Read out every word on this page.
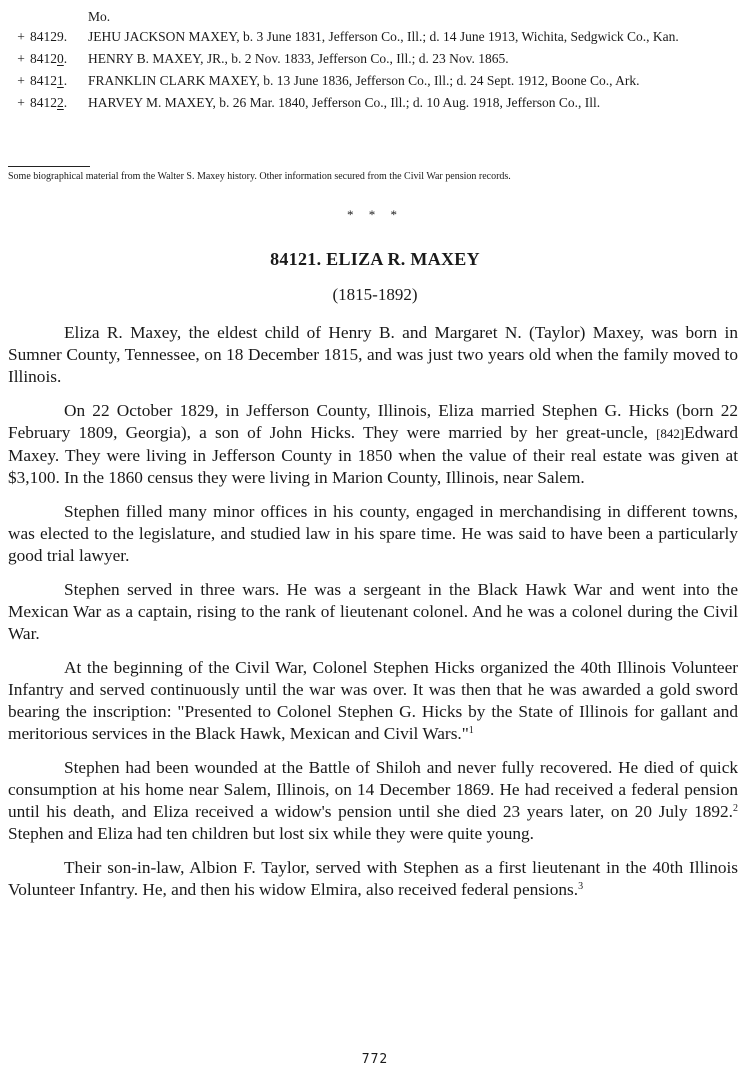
Mo.
+ 84129. JEHU JACKSON MAXEY, b. 3 June 1831, Jefferson Co., Ill.; d. 14 June 1913, Wichita, Sedgwick Co., Kan.
+ 84120. HENRY B. MAXEY, JR., b. 2 Nov. 1833, Jefferson Co., Ill.; d. 23 Nov. 1865.
+ 84121. FRANKLIN CLARK MAXEY, b. 13 June 1836, Jefferson Co., Ill.; d. 24 Sept. 1912, Boone Co., Ark.
+ 84122. HARVEY M. MAXEY, b. 26 Mar. 1840, Jefferson Co., Ill.; d. 10 Aug. 1918, Jefferson Co., Ill.
Some biographical material from the Walter S. Maxey history. Other information secured from the Civil War pension records.
* * *
84121. ELIZA R. MAXEY
(1815-1892)

Eliza R. Maxey, the eldest child of Henry B. and Margaret N. (Taylor) Maxey, was born in Sumner County, Tennessee, on 18 December 1815, and was just two years old when the family moved to Illinois.

On 22 October 1829, in Jefferson County, Illinois, Eliza married Stephen G. Hicks (born 22 February 1809, Georgia), a son of John Hicks. They were married by her great-uncle, [842]Edward Maxey. They were living in Jefferson County in 1850 when the value of their real estate was given at $3,100. In the 1860 census they were living in Marion County, Illinois, near Salem.

Stephen filled many minor offices in his county, engaged in merchandising in different towns, was elected to the legislature, and studied law in his spare time. He was said to have been a particularly good trial lawyer.

Stephen served in three wars. He was a sergeant in the Black Hawk War and went into the Mexican War as a captain, rising to the rank of lieutenant colonel. And he was a colonel during the Civil War.

At the beginning of the Civil War, Colonel Stephen Hicks organized the 40th Illinois Volunteer Infantry and served continuously until the war was over. It was then that he was awarded a gold sword bearing the inscription: "Presented to Colonel Stephen G. Hicks by the State of Illinois for gallant and meritorious services in the Black Hawk, Mexican and Civil Wars."$^1$

Stephen had been wounded at the Battle of Shiloh and never fully recovered. He died of quick consumption at his home near Salem, Illinois, on 14 December 1869. He had received a federal pension until his death, and Eliza received a widow's pension until she died 23 years later, on 20 July 1892.$^2$ Stephen and Eliza had ten children but lost six while they were quite young.

Their son-in-law, Albion F. Taylor, served with Stephen as a first lieutenant in the 40th Illinois Volunteer Infantry. He, and then his widow Elmira, also received federal pensions.$^3$

772
